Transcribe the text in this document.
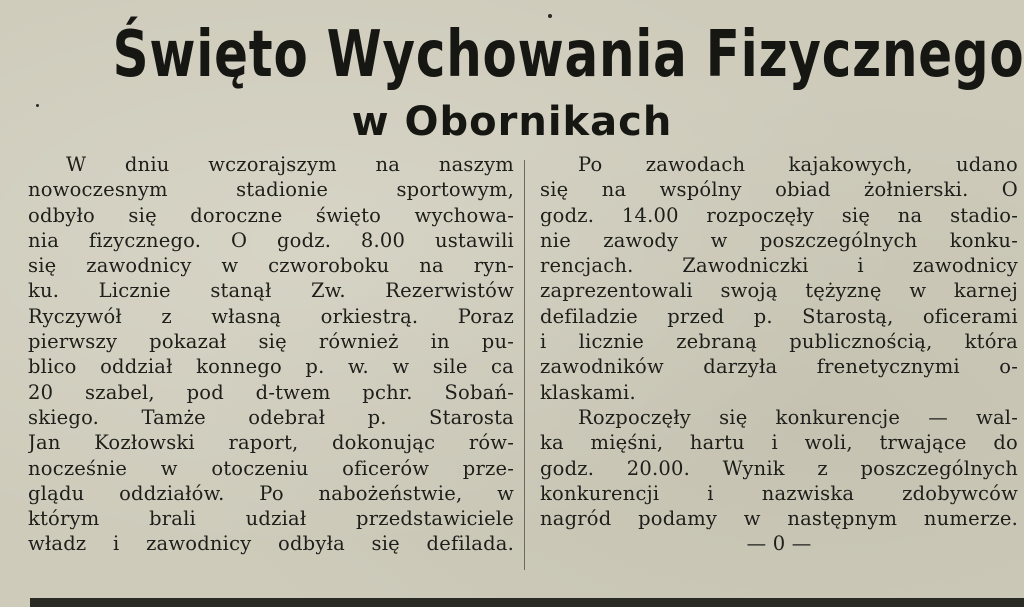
Święto Wychowania Fizycznego
w Obornikach
W dniu wczorajszym na naszym
nowoczesnym stadionie sportowym,
odbyło się doroczne święto wychowa-
nia fizycznego. O godz. 8.00 ustawili
się zawodnicy w czworoboku na ryn-
ku. Licznie stanął Zw. Rezerwistów
Ryczywół z własną orkiestrą. Poraz
pierwszy pokazał się również in pu-
blico oddział konnego p. w. w sile ca
20 szabel, pod d-twem pchr. Sobań-
skiego. Tamże odebrał p. Starosta
Jan Kozłowski raport, dokonując rów-
nocześnie w otoczeniu oficerów prze-
glądu oddziałów. Po nabożeństwie, w
którym brali udział przedstawiciele
władz i zawodnicy odbyła się defilada.
Po zawodach kajakowych, udano
się na wspólny obiad żołnierski. O
godz. 14.00 rozpoczęły się na stadio-
nie zawody w poszczególnych konku-
rencjach. Zawodniczki i zawodnicy
zaprezentowali swoją tężyznę w karnej
defiladzie przed p. Starostą, oficerami
i licznie zebraną publicznością, która
zawodników darzyła frenetycznymi o-
klaskami.
Rozpoczęły się konkurencje — wal-
ka mięśni, hartu i woli, trwające do
godz. 20.00. Wynik z poszczególnych
konkurencji i nazwiska zdobywców
nagród podamy w następnym numerze.
— 0 —
